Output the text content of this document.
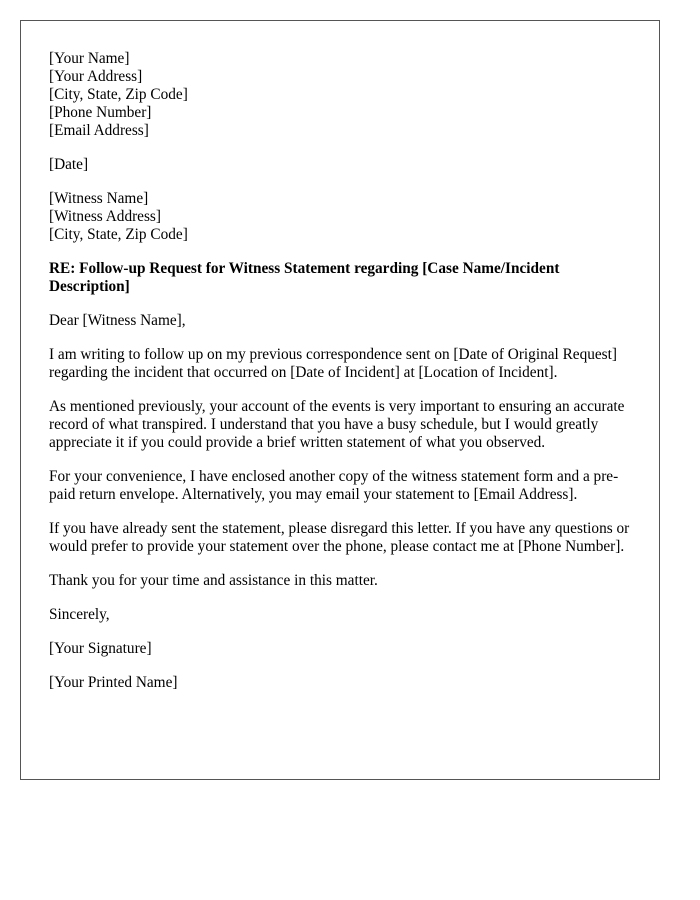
[Your Name]
[Your Address]
[City, State, Zip Code]
[Phone Number]
[Email Address]
[Date]
[Witness Name]
[Witness Address]
[City, State, Zip Code]
RE: Follow-up Request for Witness Statement regarding [Case Name/Incident Description]

Dear [Witness Name],

I am writing to follow up on my previous correspondence sent on [Date of Original Request] regarding the incident that occurred on [Date of Incident] at [Location of Incident].

As mentioned previously, your account of the events is very important to ensuring an accurate record of what transpired. I understand that you have a busy schedule, but I would greatly appreciate it if you could provide a brief written statement of what you observed.

For your convenience, I have enclosed another copy of the witness statement form and a pre-paid return envelope. Alternatively, you may email your statement to [Email Address].

If you have already sent the statement, please disregard this letter. If you have any questions or would prefer to provide your statement over the phone, please contact me at [Phone Number].

Thank you for your time and assistance in this matter.

Sincerely,

[Your Signature]

[Your Printed Name]
